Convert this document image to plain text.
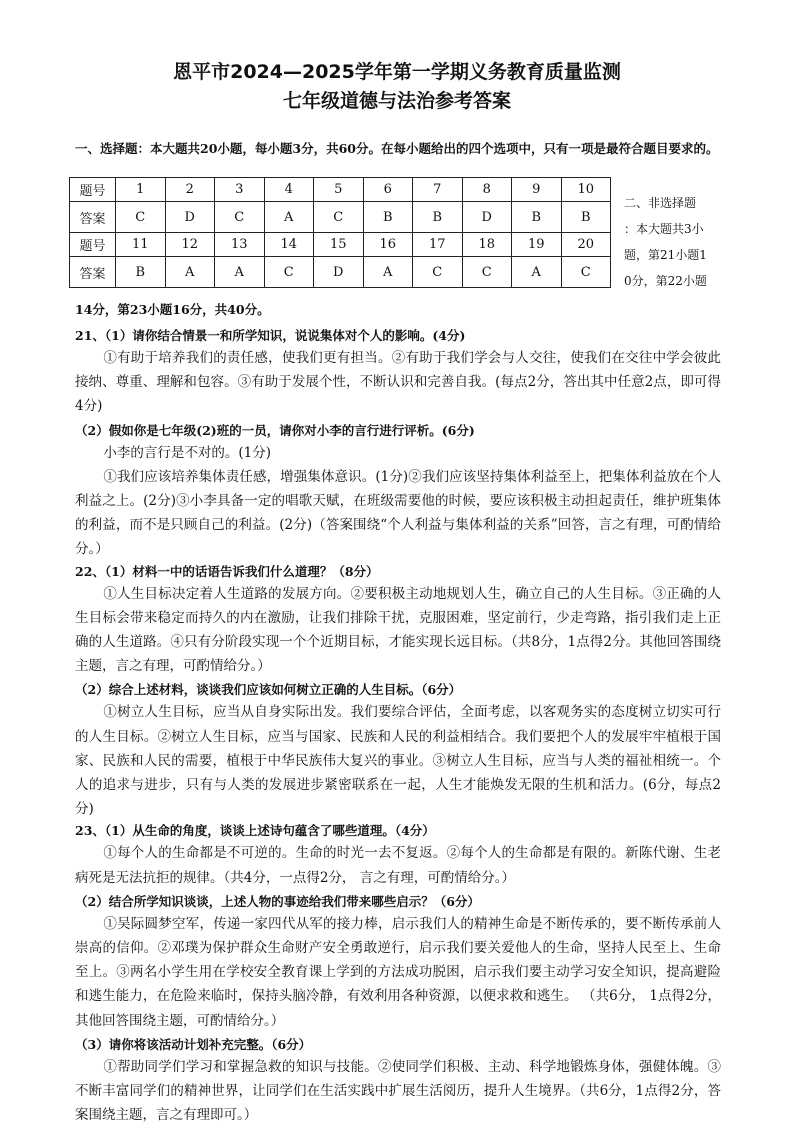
恩平市2024—2025学年第一学期义务教育质量监测
七年级道德与法治参考答案
一、选择题：本大题共20小题，每小题3分，共60分。在每小题给出的四个选项中，只有一项是最符合题目要求的。
题号	1	2	3	4	5	6	7	8	9	10
答案	C	D	C	A	C	B	B	D	B	B
题号	11	12	13	14	15	16	17	18	19	20
答案	B	A	A	C	D	A	C	C	A	C
二、非选择题
：本大题共3小
题，第21小题1
0分，第22小题
14分，第23小题16分，共40分。
21、（1）请你结合情景一和所学知识，说说集体对个人的影响。(4分)

①有助于培养我们的责任感，使我们更有担当。②有助于我们学会与人交往，使我们在交往中学会彼此接纳、尊重、理解和包容。③有助于发展个性，不断认识和完善自我。(每点2分，答出其中任意2点，即可得4分)

（2）假如你是七年级(2)班的一员，请你对小李的言行进行评析。(6分)

小李的言行是不对的。(1分)

①我们应该培养集体责任感，增强集体意识。(1分)②我们应该坚持集体利益至上，把集体利益放在个人利益之上。(2分)③小李具备一定的唱歌天赋，在班级需要他的时候，要应该积极主动担起责任，维护班集体的利益，而不是只顾自己的利益。(2分)（答案围绕“个人利益与集体利益的关系”回答，言之有理，可酌情给分。）

22、（1）材料一中的话语告诉我们什么道理？（8分）

①人生目标决定着人生道路的发展方向。②要积极主动地规划人生，确立自己的人生目标。③正确的人生目标会带来稳定而持久的内在激励，让我们排除干扰，克服困难，坚定前行，少走弯路，指引我们走上正确的人生道路。④只有分阶段实现一个个近期目标，才能实现长远目标。（共8分，1点得2分。其他回答围绕主题，言之有理，可酌情给分。）

（2）综合上述材料，谈谈我们应该如何树立正确的人生目标。（6分）

①树立人生目标，应当从自身实际出发。我们要综合评估，全面考虑，以客观务实的态度树立切实可行的人生目标。②树立人生目标，应当与国家、民族和人民的利益相结合。我们要把个人的发展牢牢植根于国家、民族和人民的需要，植根于中华民族伟大复兴的事业。③树立人生目标，应当与人类的福祉相统一。个人的追求与进步，只有与人类的发展进步紧密联系在一起，人生才能焕发无限的生机和活力。(6分，每点2分)

23、（1）从生命的角度，谈谈上述诗句蕴含了哪些道理。（4分）

①每个人的生命都是不可逆的。生命的时光一去不复返。②每个人的生命都是有限的。新陈代谢、生老病死是无法抗拒的规律。（共4分，一点得2分， 言之有理，可酌情给分。）

（2）结合所学知识谈谈，上述人物的事迹给我们带来哪些启示？（6分）

①吴际圆梦空军，传递一家四代从军的接力棒，启示我们人的精神生命是不断传承的，要不断传承前人崇高的信仰。②邓璞为保护群众生命财产安全勇敢逆行，启示我们要关爱他人的生命，坚持人民至上、生命至上。③两名小学生用在学校安全教育课上学到的方法成功脱困，启示我们要主动学习安全知识，提高避险和逃生能力，在危险来临时，保持头脑冷静，有效利用各种资源，以便求救和逃生。 （共6分， 1点得2分，其他回答围绕主题，可酌情给分。）

（3）请你将该活动计划补充完整。（6分）

①帮助同学们学习和掌握急救的知识与技能。②使同学们积极、主动、科学地锻炼身体，强健体魄。③不断丰富同学们的精神世界，让同学们在生活实践中扩展生活阅历，提升人生境界。（共6分，1点得2分，答案围绕主题，言之有理即可。）
